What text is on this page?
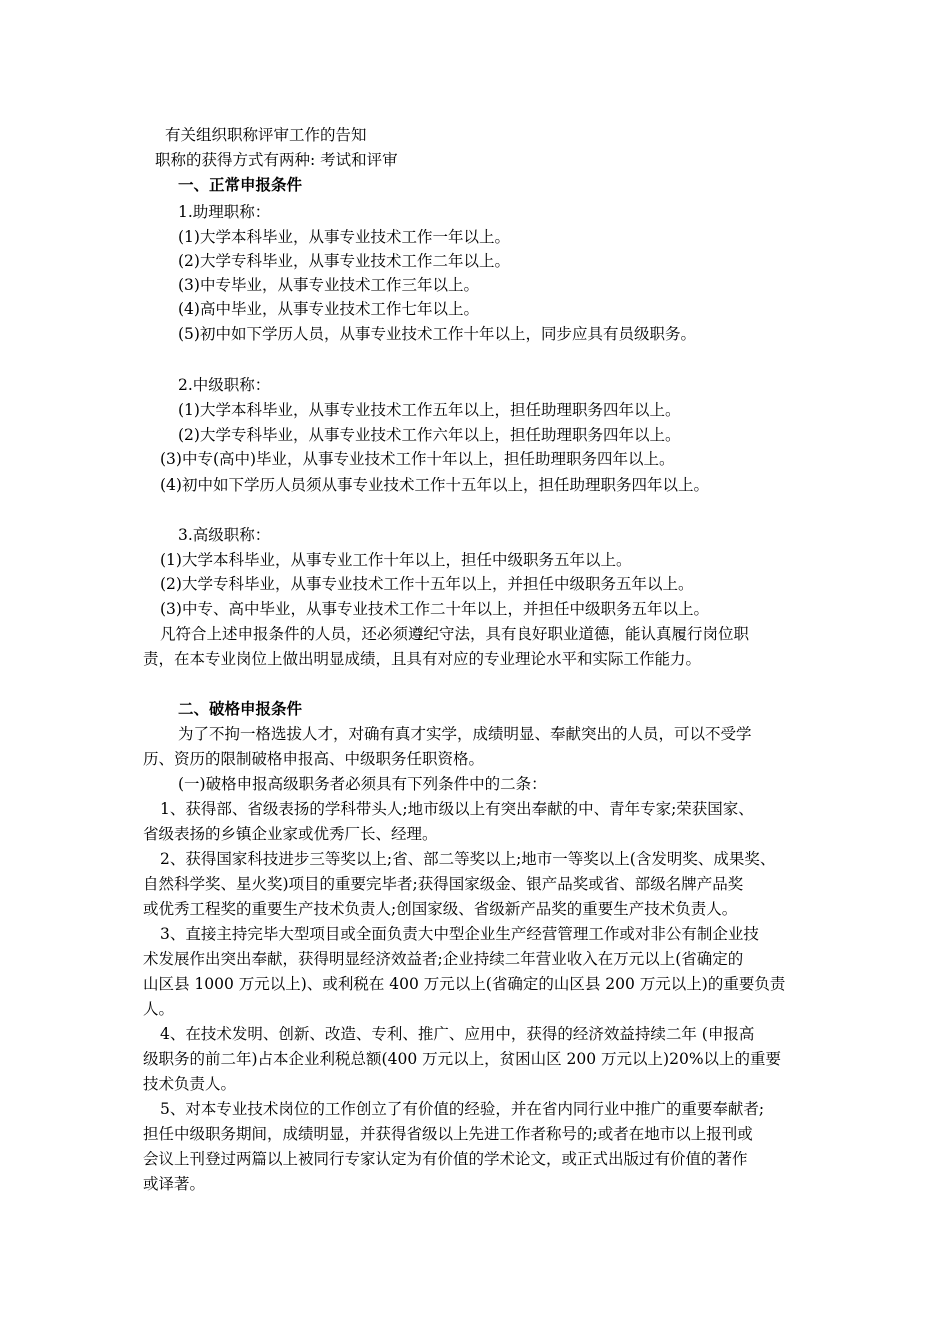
有关组织职称评审工作的告知
职称的获得方式有两种: 考试和评审
一、正常申报条件
1.助理职称：
(1)大学本科毕业，从事专业技术工作一年以上。
(2)大学专科毕业，从事专业技术工作二年以上。
(3)中专毕业，从事专业技术工作三年以上。
(4)高中毕业，从事专业技术工作七年以上。
(5)初中如下学历人员，从事专业技术工作十年以上，同步应具有员级职务。
2.中级职称：
(1)大学本科毕业，从事专业技术工作五年以上，担任助理职务四年以上。
(2)大学专科毕业，从事专业技术工作六年以上，担任助理职务四年以上。
(3)中专(高中)毕业，从事专业技术工作十年以上，担任助理职务四年以上。
(4)初中如下学历人员须从事专业技术工作十五年以上，担任助理职务四年以上。
3.高级职称：
(1)大学本科毕业，从事专业工作十年以上，担任中级职务五年以上。
(2)大学专科毕业，从事专业技术工作十五年以上，并担任中级职务五年以上。
(3)中专、高中毕业，从事专业技术工作二十年以上，并担任中级职务五年以上。
凡符合上述申报条件的人员，还必须遵纪守法，具有良好职业道德，能认真履行岗位职
责，在本专业岗位上做出明显成绩，且具有对应的专业理论水平和实际工作能力。
二、破格申报条件
为了不拘一格选拔人才，对确有真才实学，成绩明显、奉献突出的人员，可以不受学
历、资历的限制破格申报高、中级职务任职资格。
(一)破格申报高级职务者必须具有下列条件中的二条：
1、获得部、省级表扬的学科带头人;地市级以上有突出奉献的中、青年专家;荣获国家、
省级表扬的乡镇企业家或优秀厂长、经理。
2、获得国家科技进步三等奖以上;省、部二等奖以上;地市一等奖以上(含发明奖、成果奖、
自然科学奖、星火奖)项目的重要完毕者;获得国家级金、银产品奖或省、部级名牌产品奖
或优秀工程奖的重要生产技术负责人;创国家级、省级新产品奖的重要生产技术负责人。
3、直接主持完毕大型项目或全面负责大中型企业生产经营管理工作或对非公有制企业技
术发展作出突出奉献，获得明显经济效益者;企业持续二年营业收入在万元以上(省确定的
山区县 1000 万元以上)、或利税在 400 万元以上(省确定的山区县 200 万元以上)的重要负责
人。
4、在技术发明、创新、改造、专利、推广、应用中，获得的经济效益持续二年 (申报高
级职务的前二年)占本企业利税总额(400 万元以上，贫困山区 200 万元以上)20%以上的重要
技术负责人。
5、对本专业技术岗位的工作创立了有价值的经验，并在省内同行业中推广的重要奉献者;
担任中级职务期间，成绩明显，并获得省级以上先进工作者称号的;或者在地市以上报刊或
会议上刊登过两篇以上被同行专家认定为有价值的学术论文，或正式出版过有价值的著作
或译著。
